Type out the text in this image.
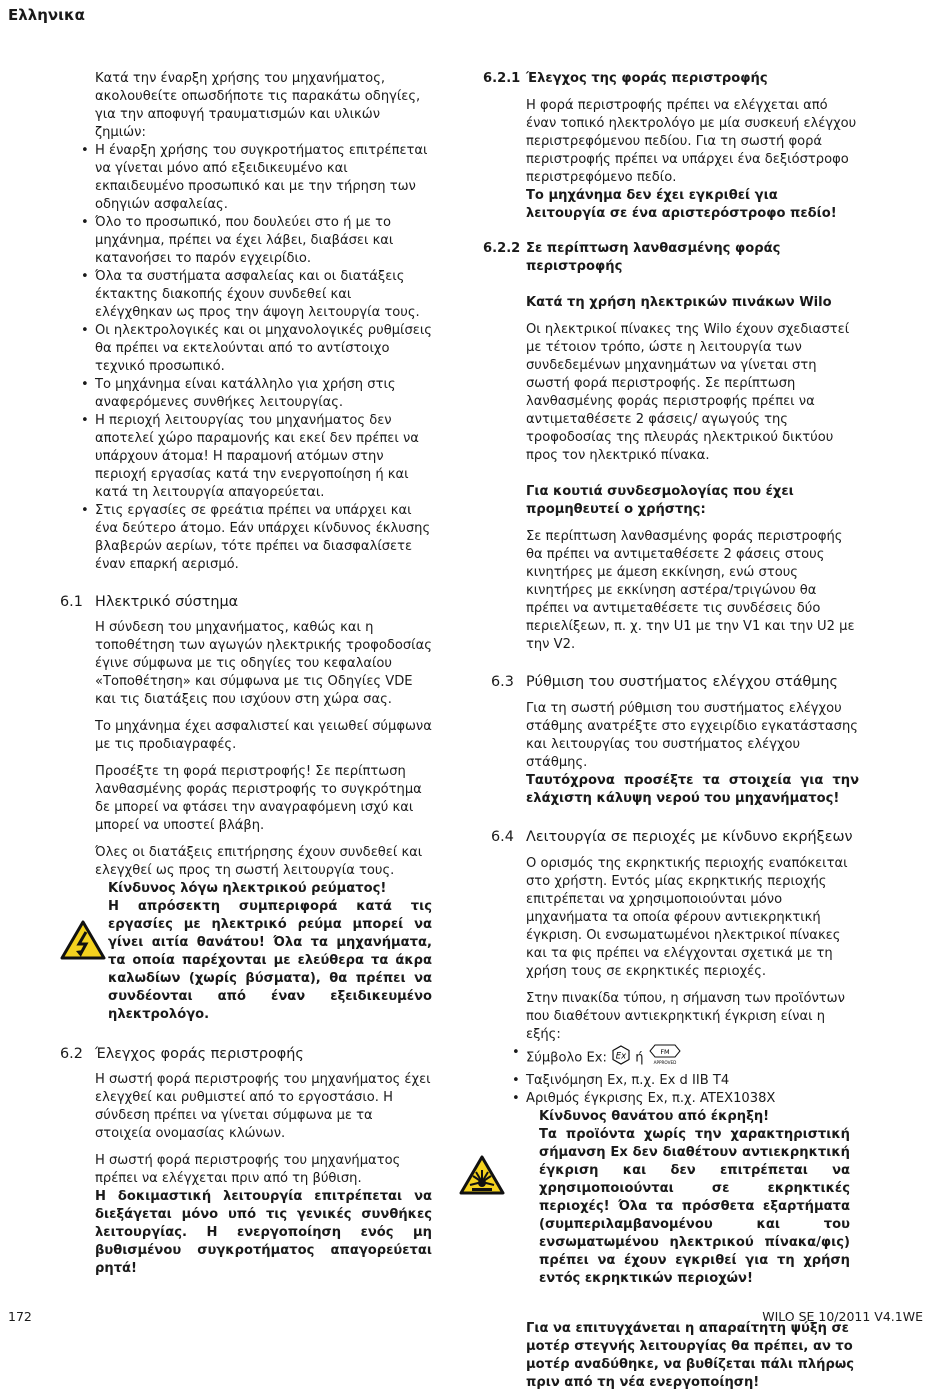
Ελληνικα

Κατά την έναρξη χρήσης του μηχανήματος, ακολουθείτε οπωσδήποτε τις παρακάτω οδηγίες, για την αποφυγή τραυματισμών και υλικών ζημιών:

• Η έναρξη χρήσης του συγκροτήματος επιτρέπεται να γίνεται μόνο από εξειδικευμένο και εκπαιδευμένο προσωπικό και με την τήρηση των οδηγιών ασφαλείας.
• Όλο το προσωπικό, που δουλεύει στο ή με το μηχάνημα, πρέπει να έχει λάβει, διαβάσει και κατανοήσει το παρόν εγχειρίδιο.
• Όλα τα συστήματα ασφαλείας και οι διατάξεις έκτακτης διακοπής έχουν συνδεθεί και ελέγχθηκαν ως προς την άψογη λειτουργία τους.
• Οι ηλεκτρολογικές και οι μηχανολογικές ρυθμίσεις θα πρέπει να εκτελούνται από το αντίστοιχο τεχνικό προσωπικό.
• Το μηχάνημα είναι κατάλληλο για χρήση στις αναφερόμενες συνθήκες λειτουργίας.
• Η περιοχή λειτουργίας του μηχανήματος δεν αποτελεί χώρο παραμονής και εκεί δεν πρέπει να υπάρχουν άτομα! Η παραμονή ατόμων στην περιοχή εργασίας κατά την ενεργοποίηση ή και κατά τη λειτουργία απαγορεύεται.
• Στις εργασίες σε φρεάτια πρέπει να υπάρχει και ένα δεύτερο άτομο. Εάν υπάρχει κίνδυνος έκλυσης βλαβερών αερίων, τότε πρέπει να διασφαλίσετε έναν επαρκή αερισμό.
6.1 Ηλεκτρικό σύστημα

Η σύνδεση του μηχανήματος, καθώς και η τοποθέτηση των αγωγών ηλεκτρικής τροφοδοσίας έγινε σύμφωνα με τις οδηγίες του κεφαλαίου «Τοποθέτηση» και σύμφωνα με τις Οδηγίες VDE και τις διατάξεις που ισχύουν στη χώρα σας.

Το μηχάνημα έχει ασφαλιστεί και γειωθεί σύμφωνα με τις προδιαγραφές.

Προσέξτε τη φορά περιστροφής! Σε περίπτωση λανθασμένης φοράς περιστροφής το συγκρότημα δε μπορεί να φτάσει την αναγραφόμενη ισχύ και μπορεί να υποστεί βλάβη.

Όλες οι διατάξεις επιτήρησης έχουν συνδεθεί και ελεγχθεί ως προς τη σωστή λειτουργία τους.

Κίνδυνος λόγω ηλεκτρικού ρεύματος!
Η απρόσεκτη συμπεριφορά κατά τις εργασίες με ηλεκτρικό ρεύμα μπορεί να γίνει αιτία θανάτου! Όλα τα μηχανήματα, τα οποία παρέχονται με ελεύθερα τα άκρα καλωδίων (χωρίς βύσματα), θα πρέπει να συνδέονται από έναν εξειδικευμένο ηλεκτρολόγο.
6.2 Έλεγχος φοράς περιστροφής

Η σωστή φορά περιστροφής του μηχανήματος έχει ελεγχθεί και ρυθμιστεί από το εργοστάσιο. Η σύνδεση πρέπει να γίνεται σύμφωνα με τα στοιχεία ονομασίας κλώνων.

Η σωστή φορά περιστροφής του μηχανήματος πρέπει να ελέγχεται πριν από τη βύθιση.

Η δοκιμαστική λειτουργία επιτρέπεται να διεξάγεται μόνο υπό τις γενικές συνθήκες λειτουργίας. Η ενεργοποίηση ενός μη βυθισμένου συγκροτήματος απαγορεύεται ρητά!

6.2.1 Έλεγχος της φοράς περιστροφής

Η φορά περιστροφής πρέπει να ελέγχεται από έναν τοπικό ηλεκτρολόγο με μία συσκευή ελέγχου περιστρεφόμενου πεδίου. Για τη σωστή φορά περιστροφής πρέπει να υπάρχει ένα δεξιόστροφο περιστρεφόμενο πεδίο.

Το μηχάνημα δεν έχει εγκριθεί για λειτουργία σε ένα αριστερόστροφο πεδίο!

6.2.2 Σε περίπτωση λανθασμένης φοράς περιστροφής

Κατά τη χρήση ηλεκτρικών πινάκων Wilo

Οι ηλεκτρικοί πίνακες της Wilo έχουν σχεδιαστεί με τέτοιον τρόπο, ώστε η λειτουργία των συνδεδεμένων μηχανημάτων να γίνεται στη σωστή φορά περιστροφής. Σε περίπτωση λανθασμένης φοράς περιστροφής πρέπει να αντιμεταθέσετε 2 φάσεις/ αγωγούς της τροφοδοσίας της πλευράς ηλεκτρικού δικτύου προς τον ηλεκτρικό πίνακα.

Για κουτιά συνδεσμολογίας που έχει προμηθευτεί ο χρήστης:

Σε περίπτωση λανθασμένης φοράς περιστροφής θα πρέπει να αντιμεταθέσετε 2 φάσεις στους κινητήρες με άμεση εκκίνηση, ενώ στους κινητήρες με εκκίνηση αστέρα/τριγώνου θα πρέπει να αντιμεταθέσετε τις συνδέσεις δύο περιελίξεων, π. χ. την U1 με την V1 και την U2 με την V2.

6.3 Ρύθμιση του συστήματος ελέγχου στάθμης

Για τη σωστή ρύθμιση του συστήματος ελέγχου στάθμης ανατρέξτε στο εγχειρίδιο εγκατάστασης και λειτουργίας του συστήματος ελέγχου στάθμης.

Ταυτόχρονα προσέξτε τα στοιχεία για την ελάχιστη κάλυψη νερού του μηχανήματος!

6.4 Λειτουργία σε περιοχές με κίνδυνο εκρήξεων

Ο ορισμός της εκρηκτικής περιοχής εναπόκειται στο χρήστη. Εντός μίας εκρηκτικής περιοχής επιτρέπεται να χρησιμοποιούνται μόνο μηχανήματα τα οποία φέρουν αντιεκρηκτική έγκριση. Οι ενσωματωμένοι ηλεκτρικοί πίνακες και τα φις πρέπει να ελέγχονται σχετικά με τη χρήση τους σε εκρηκτικές περιοχές.

Στην πινακίδα τύπου, η σήμανση των προϊόντων που διαθέτουν αντιεκρηκτική έγκριση είναι η εξής:

• Σύμβολο Ex: Ex ή	FM
APPROVED
• Ταξινόμηση Ex, π.χ. Ex d IIB T4
• Αριθμός έγκρισης Ex, π.χ. ATEX1038X
Κίνδυνος θανάτου από έκρηξη!
Τα προϊόντα χωρίς την χαρακτηριστική σήμανση Ex δεν διαθέτουν αντιεκρηκτική έγκριση και δεν επιτρέπεται να χρησιμοποιούνται σε εκρηκτικές περιοχές! Όλα τα πρόσθετα εξαρτήματα (συμπεριλαμβανομένου και του ενσωματωμένου ηλεκτρικού πίνακα/φις) πρέπει να έχουν εγκριθεί για τη χρήση εντός εκρηκτικών περιοχών!

Για να επιτυγχάνεται η απαραίτητη ψύξη σε μοτέρ στεγνής λειτουργίας θα πρέπει, αν το μοτέρ αναδύθηκε, να βυθίζεται πάλι πλήρως πριν από τη νέα ενεργοποίηση!

172	WILO SE 10/2011 V4.1WE
